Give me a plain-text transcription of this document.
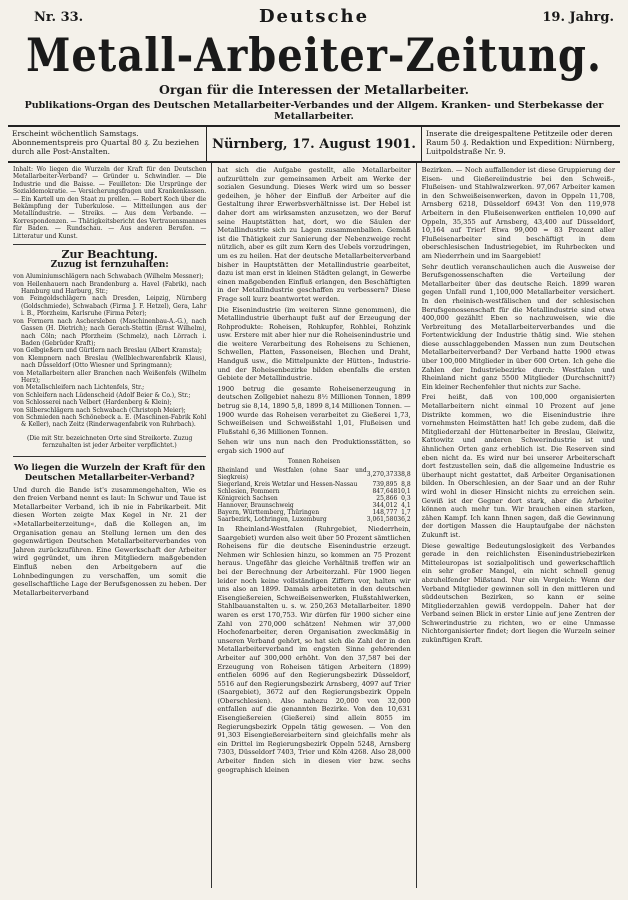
Nr. 33.	Deutsche	19. Jahrg.
Metall-Arbeiter-Zeitung.
Organ für die Interessen der Metallarbeiter.
Publikations-Organ des Deutschen Metallarbeiter-Verbandes und der Allgem. Kranken- und Sterbekasse der Metallarbeiter.
Erscheint wöchentlich Samstags. Abonnementspreis pro Quartal 80 ₰. Zu beziehen durch alle Post-Anstalten.	Nürnberg, 17. August 1901.
Inserate die dreigespaltene Petitzeile oder deren Raum 50 ₰. Redaktion und Expedition: Nürnberg, Luitpoldstraße Nr. 9.
Inhalt: Wo liegen die Wurzeln der Kraft für den Deutschen Metallarbeiter-Verband? — Gründer u. Schwindler. — Die Industrie und die Baisse. — Feuilleton: Die Ursprünge der Sozialdemokratie. — Versicherungsfragen und Krankenkassen. — Ein Kartell um den Staat zu prellen. — Robert Koch über die Bekämpfung der Tuberkulose. — Mitteilungen aus der Metallindustrie. — Streiks. — Aus dem Verbande. — Korrespondenzen. — Thätigkeitsbericht des Vertrauensmannes für Baden. — Rundschau. — Aus anderen Berufen. — Litteratur und Kunst.
Zur Beachtung.
Zuzug ist fernzuhalten:

von Aluminiumschlägern nach Schwabach (Wilhelm Messner);

von Heilenhauern nach Brandenburg a. Havel (Fabrik), nach Hamburg und Harburg, Str.;

von Feingoldschlägern nach Dresden, Leipzig, Nürnberg (Goldschmiede), Schwabach (Firma J. F. Hetzel), Gera, Lahr i. B., Pforzheim, Karlsruhe (Firma Peter);

von Formern nach Aschersleben (Maschinenbau-A.-G.), nach Gassen (H. Dietrich); nach Gerach-Stettin (Ernst Wilhelm), nach Cöln; nach Pforzheim (Schmelz), nach Lörrach i. Baden (Gebrüder Kraft);

von Gelbgießern und Gürtlern nach Breslau (Albert Kramsta);

von Klempnern nach Breslau (Wellblechwarenfabrik Klaus), nach Düsseldorf (Otto Wiesner und Springmann);

von Metallarbeitern aller Branchen nach Weißenfels (Wilhelm Herz);

von Metallschleifern nach Lichtenfels, Str.;

von Schleifern nach Lüdenscheid (Adolf Beier & Co.), Str.;

von Schlosserei nach Velbert (Hardenberg & Klein);

von Silberschlägern nach Schwabach (Christoph Meier);

von Schmieden nach Schönebeck a. E. (Maschinen-Fabrik Kohl & Keller), nach Zeitz (Rinderwagenfabrik von Ruhrbach).

(Die mit Str. bezeichneten Orte sind Streikorte. Zuzug fernzuhalten ist jeder Arbeiter verpflichtet.)

Wo liegen die Wurzeln der Kraft für den Deutschen Metallarbeiter-Verband?
Und durch die Bande ist's zusammengehalten, Wie es den freien Verband nennt es laut: In Schwur und Taue ist Metallarbeiter Verband, ich ib nie in Fabrikarbeit. Mit diesen Worten zeigte Max Kegel in Nr. 21 der »Metallarbeiterzeitung«, daß die Kollegen an, im Organisation genau an Stellung lernen um den des gegenwärtigen Deutschen Metallarbeiterverbandes von Jahren zurückzuführen. Eine Gewerkschaft der Arbeiter wird gegründet, um ihren Mitgliedern maßgebenden Einfluß neben den Arbeitgebern auf die Lohnbedingungen zu verschaffen, um somit die gesellschaftliche Lage der Berufsgenossen zu heben. Der Metallarbeiterverband

hat sich die Aufgabe gestellt, alle Metallarbeiter aufzurütteln zur gemeinsamen Arbeit am Werke der sozialen Gesundung. Dieses Werk wird um so besser gedeihen, je höher der Einfluß der Arbeiter auf die Gestaltung ihrer Erwerbsverhältnisse ist. Der Hebel ist daher dort am wirksamsten anzusetzen, wo der Beruf seine Hauptstätten hat, dort, wo die Säulen der Metallindustrie sich zu Lagen zusammenballen. Gemäß ist die Thätigkeit zur Sanierung der Nebenzweige recht nützlich, aber es gilt zum Kern des Uebels vorzudringen, um es zu heilen. Hat der deutsche Metallarbeiterverband bisher in Hauptstätten der Metallindustrie gearbeitet, dazu ist man erst in kleinen Städten gelangt, in Gewerbe einen maßgebenden Einfluß erlangen, den Beschäftigten in der Metallindustrie geschaffen zu verbessern? Diese Frage soll kurz beantwortet werden.

Die Eisenindustrie (im weiteren Sinne genommen), die Metallindustrie überhaupt fußt auf der Erzeugung der Rohprodukte: Roheisen, Rohkupfer, Rohblei, Rohzink usw. Erstere mit aber hier nur die Roheisenindustrie und die weitere Verarbeitung des Roheisens zu Schienen, Schwellen, Platten, Fassoneisen, Blechen und Draht, Handguß usw., die Mittelpunkte der Hütten-, Industrie- und der Roheisenbezirke bilden ebenfalls die ersten Gebiete der Metallindustrie.

1900 betrug die gesamte Roheisenerzeugung in deutschen Zollgebiet nahezu 8½ Millionen Tonnen, 1899 betrug sie 8,14, 1890 5,8, 1899 8,14 Millionen Tonnen. — 1900 wurde das Roheisen verarbeitet zu Gießerei 1,73, Schweißeisen und Schweißstahl 1,01, Flußeisen und Flußstahl 6,36 Millionen Tonnen.

Sehen wir uns nun nach den Produktionsstätten, so ergab sich 1900 auf

Tonnen Roheisen
Rheinland und Westfalen (ohne Saar und Siegkreis)	3,270,373	38,8
Siegerland, Kreis Wetzlar und Hessen-Nassau	739,895	8,8
Schlesien, Pommern	847,648	10,1
Königreich Sachsen	25,866	0,3
Hannover, Braunschweig	344,012	4,1
Bayern, Württemberg, Thüringen	148,777	1,7
Saarbezirk, Lothringen, Luxemburg	3,061,580	36,2

In Rheinland-Westfalen (Ruhrgebiet, Niederrhein, Saargebiet) wurden also weit über 50 Prozent sämtlichen Roheisens für die deutsche Eisenindustrie erzeugt. Nehmen wir Schlesien hinzu, so kommen an 75 Prozent heraus. Ungefähr das gleiche Verhältniß treffen wir an bei der Berechnung der Arbeiterzahl. Für 1900 liegen leider noch keine vollständigen Ziffern vor, halten wir uns also an 1899. Damals arbeiteten in den deutschen Eisengießereien, Schweißeisenwerken, Flußstahlwerken, Stahlbauanstalten u. s. w. 250,263 Metallarbeiter. 1890 waren es erst 170,753. Wir dürfen für 1900 sicher eine Zahl von 270,000 schätzen! Nehmen wir 37,000 Hochofenarbeiter, deren Organisation zweckmäßig in unseren Verband gehört, so hat sich die Zahl der in den Metallarbeiterverband im engsten Sinne gehörenden Arbeiter auf 300,000 erhöht. Von den 37,587 bei der Erzeugung von Roheisen tätigen Arbeitern (1899) entfielen 6096 auf den Regierungsbezirk Düsseldorf, 5516 auf den Regierungsbezirk Arnsberg, 4097 auf Trier (Saargebiet), 3672 auf den Regierungsbezirk Oppeln (Oberschlesien). Also nahezu 20,000 von 32,000 entfallen auf die genannten Bezirke. Von den 10,631 Eisengießereien (Gießerei) sind allein 8055 im Regierungsbezirk Oppeln tätig gewesen. — Von den 91,303 Eisengießereiarbeitern sind gleichfalls mehr als ein Drittel im Regierungsbezirk Oppeln 5248, Arnsberg 7303, Düsseldorf 7403, Trier und Köln 4268. Also 28,000 Arbeiter finden sich in diesen vier bzw. sechs geographisch kleinen

Bezirken. — Noch auffallender ist diese Gruppierung der Eisen- und Gießereiindustrie bei den Schweiß-, Flußeisen- und Stahlwalzwerken. 97,067 Arbeiter kamen in den Schweißeisenwerken, davon in Oppeln 11,708, Arnsberg 6218, Düsseldorf 6943! Von den 119,978 Arbeitern in den Flußeisenwerken entfielen 10,090 auf Oppeln, 35,355 auf Arnsberg, 43,400 auf Düsseldorf, 10,164 auf Trier! Etwa 99,000 = 83 Prozent aller Flußeisenarbeiter sind beschäftigt in dem oberschlesischen Industriegebiet, im Ruhrbecken und am Niederrhein und im Saargebiet!

Sehr deutlich veranschaulichen auch die Ausweise der Berufsgenossenschaften die Verteilung der Metallarbeiter über das deutsche Reich. 1899 waren gegen Unfall rund 1,100,000 Metallarbeiter versichert. In den rheinisch-westfälischen und der schlesischen Berufsgenossenschaft für die Metallindustrie sind etwa 400,000 gezählt! Eben so nachzuweisen, wie die Verbreitung des Metallarbeiterverbandes und die Fortentwicklung der Industrie thätig sind. Wie stehen diese ausschlaggebenden Massen nun zum Deutschen Metallarbeiterverband? Der Verband hatte 1900 etwas über 100,000 Mitglieder in über 600 Orten. Ich gehe die Zahlen der Industriebezirke durch: Westfalen und Rheinland nicht ganz 5500 Mitglieder (Durchschnitt?) Ein kleiner Rechenfehler thut nichts zur Sache.

Frei heißt, daß von 100,000 organisierten Metallarbeitern nicht einmal 10 Prozent auf jene Distrikte kommen, wo die Eisenindustrie ihre vornehmsten Heimstätten hat! Ich gebe zudem, daß die Mitgliederzahl der Hüttenarbeiter in Breslau, Gleiwitz, Kattowitz und anderen Schwerindustrie ist und ähnlichen Orten ganz erheblich ist. Die Reserven sind eben nicht da. Es wird nur bei unserer Arbeiterschaft dort festzustellen sein, daß die allgemeine Industrie es überhaupt nicht gestattet, daß Arbeiter Organisationen bilden. In Oberschlesien, an der Saar und an der Ruhr wird wohl in dieser Hinsicht nichts zu erreichen sein. Gewiß ist der Gegner dort stark, aber die Arbeiter können auch mehr tun. Wir brauchen einen starken, zähen Kampf. Ich kann Ihnen sagen, daß die Gewinnung der dortigen Massen die Hauptaufgabe der nächsten Zukunft ist.

Diese gewaltige Bedeutungslosigkeit des Verbandes gerade in den reichlichsten Eisenindustriebezirken Mitteleuropas ist sozialpolitisch und gewerkschaftlich ein sehr großer Mangel, ein nicht schnell genug abzuhelfender Mißstand. Nur ein Vergleich: Wenn der Verband Mitglieder gewinnen soll in den mittleren und süddeutschen Bezirken, so kann er seine Mitgliederzahlen gewiß verdoppeln. Daher hat der Verband seinen Blick in erster Linie auf jene Zentren der Schwerindustrie zu richten, wo er eine Unmasse Nichtorganisierter findet; dort liegen die Wurzeln seiner zukünftigen Kraft.
